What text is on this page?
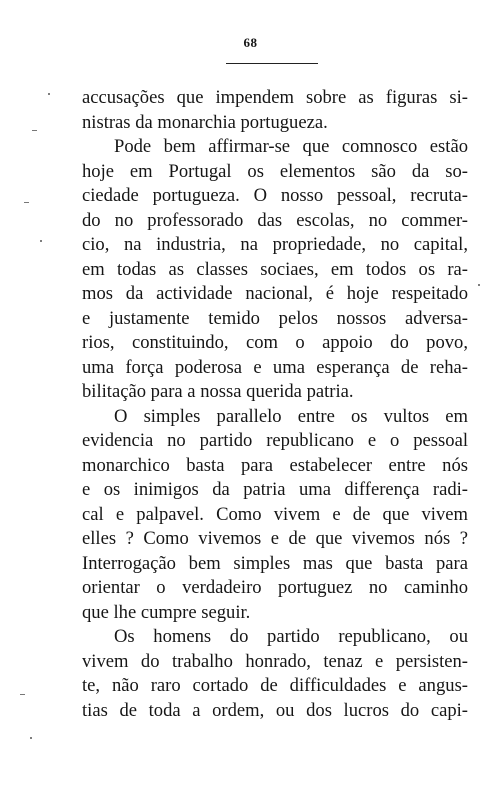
68
accusações que impendem sobre as figuras si-
nistras da monarchia portugueza.
Pode bem affirmar-se que comnosco estão
hoje em Portugal os elementos são da so-
ciedade portugueza. O nosso pessoal, recruta-
do no professorado das escolas, no commer-
cio, na industria, na propriedade, no capital,
em todas as classes sociaes, em todos os ra-
mos da actividade nacional, é hoje respeitado
e justamente temido pelos nossos adversa-
rios, constituindo, com o appoio do povo,
uma força poderosa e uma esperança de reha-
bilitação para a nossa querida patria.
O simples parallelo entre os vultos em
evidencia no partido republicano e o pessoal
monarchico basta para estabelecer entre nós
e os inimigos da patria uma differença radi-
cal e palpavel. Como vivem e de que vivem
elles ? Como vivemos e de que vivemos nós ?
Interrogação bem simples mas que basta para
orientar o verdadeiro portuguez no caminho
que lhe cumpre seguir.
Os homens do partido republicano, ou
vivem do trabalho honrado, tenaz e persisten-
te, não raro cortado de difficuldades e angus-
tias de toda a ordem, ou dos lucros do capi-
